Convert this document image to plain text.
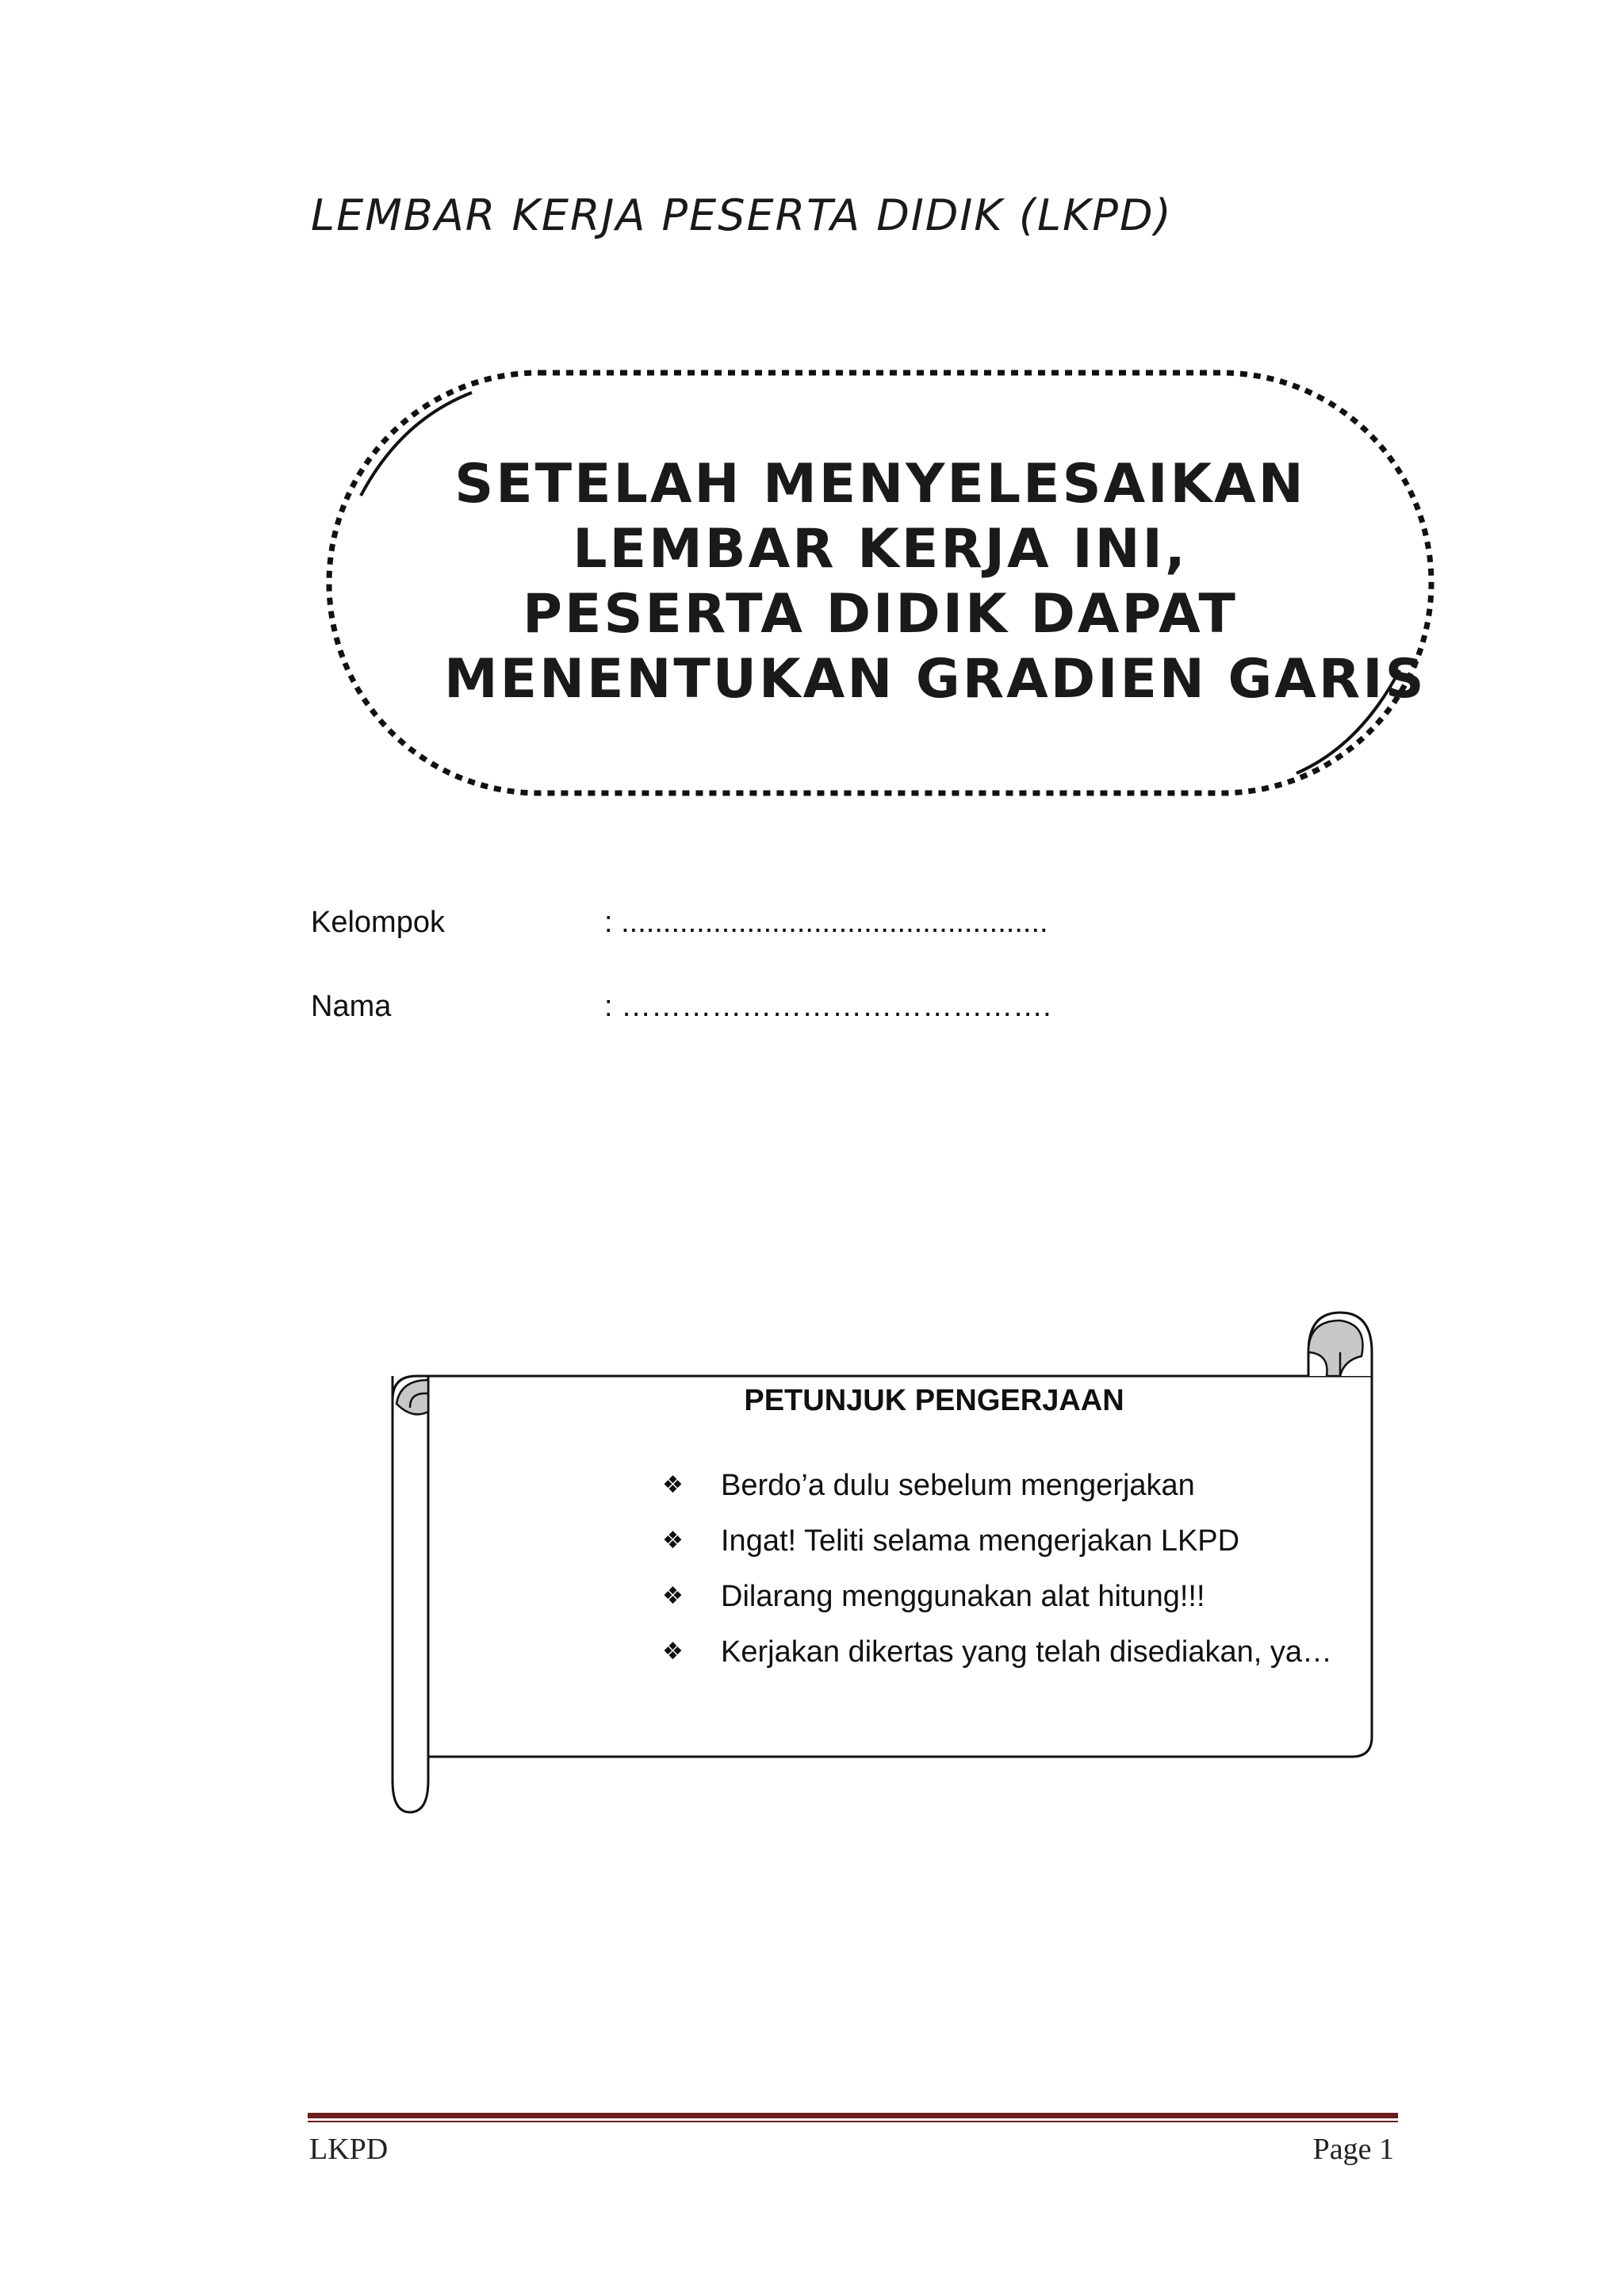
LEMBAR KERJA PESERTA DIDIK (LKPD)
SETELAH MENYELESAIKAN
LEMBAR KERJA INI,
PESERTA DIDIK DAPAT
MENENTUKAN GRADIEN GARIS
Kelompok	: ...................................................
Nama	: …………………………………….
PETUNJUK PENGERJAAN
❖ Berdo’a dulu sebelum mengerjakan
❖ Ingat! Teliti selama mengerjakan LKPD
❖ Dilarang menggunakan alat hitung!!!
❖ Kerjakan dikertas yang telah disediakan, ya…
LKPD	Page 1
